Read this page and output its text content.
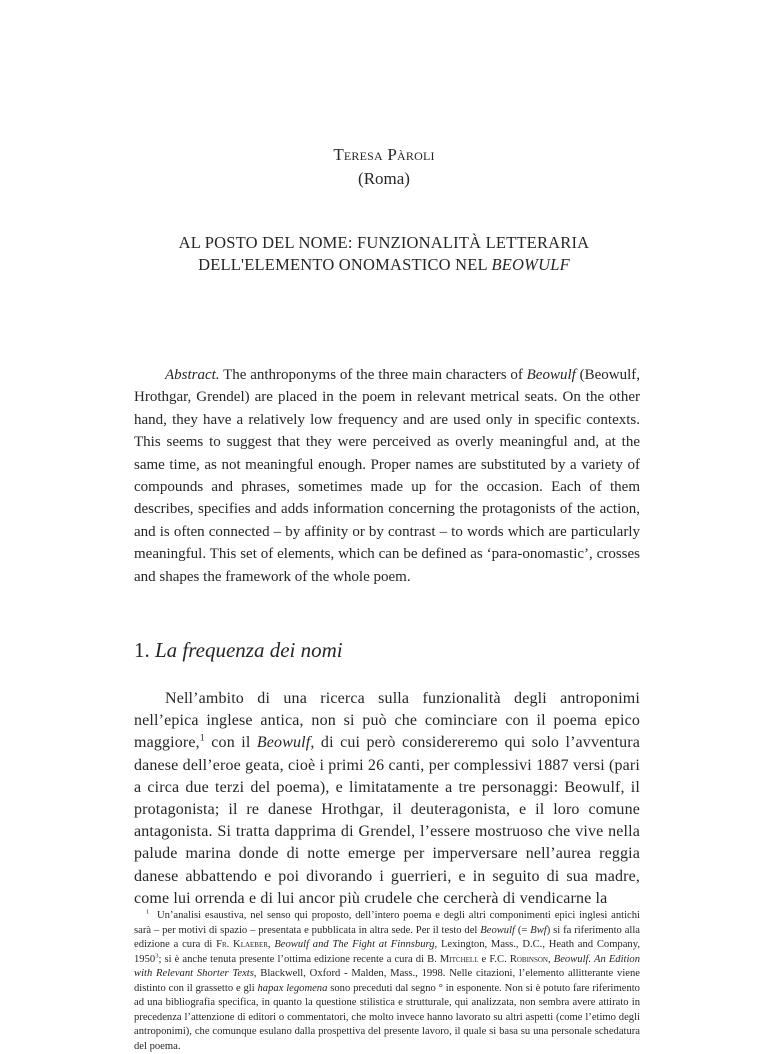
Teresa Pàroli
(Roma)
AL POSTO DEL NOME: FUNZIONALITÀ LETTERARIA
DELL'ELEMENTO ONOMASTICO NEL BEOWULF

Abstract. The anthroponyms of the three main characters of Beowulf (Beowulf, Hrothgar, Grendel) are placed in the poem in relevant metrical seats. On the other hand, they have a relatively low frequency and are used only in specific contexts. This seems to suggest that they were perceived as overly meaningful and, at the same time, as not meaningful enough. Proper names are substituted by a variety of compounds and phrases, sometimes made up for the occasion. Each of them describes, specifies and adds information concerning the protagonists of the action, and is often connected – by affinity or by contrast – to words which are particularly meaningful. This set of elements, which can be defined as ‘para-onomastic’, crosses and shapes the framework of the whole poem.

1. La frequenza dei nomi

Nell’ambito di una ricerca sulla funzionalità degli antroponimi nell’epica inglese antica, non si può che cominciare con il poema epico maggiore,$^1$ con il Beowulf, di cui però considereremo qui solo l’avventura danese dell’eroe geata, cioè i primi 26 canti, per complessivi 1887 versi (pari a circa due terzi del poema), e limitatamente a tre personaggi: Beowulf, il protagonista; il re danese Hrothgar, il deuteragonista, e il loro comune antagonista. Si tratta dapprima di Grendel, l’essere mostruoso che vive nella palude marina donde di notte emerge per imperversare nell’aurea reggia danese abbattendo e poi divorando i guerrieri, e in seguito di sua madre, come lui orrenda e di lui ancor più crudele che cercherà di vendicarne la

$^1$ Un’analisi esaustiva, nel senso qui proposto, dell’intero poema e degli altri componimenti epici inglesi antichi sarà – per motivi di spazio – presentata e pubblicata in altra sede. Per il testo del Beowulf (= Bwf) si fa riferimento alla edizione a cura di Fr. Klaeber, Beowulf and The Fight at Finnsburg, Lexington, Mass., D.C., Heath and Company, 1950$^3$; si è anche tenuta presente l’ottima edizione recente a cura di B. Mitchell e F.C. Robinson, Beowulf. An Edition with Relevant Shorter Texts, Blackwell, Oxford - Malden, Mass., 1998. Nelle citazioni, l’elemento allitterante viene distinto con il grassetto e gli hapax legomena sono preceduti dal segno ° in esponente. Non si è potuto fare riferimento ad una bibliografia specifica, in quanto la questione stilistica e strutturale, qui analizzata, non sembra avere attirato in precedenza l’attenzione di editori o commentatori, che molto invece hanno lavorato su altri aspetti (come l’etimo degli antroponimi), che comunque esulano dalla prospettiva del presente lavoro, il quale si basa su una personale schedatura del poema.
